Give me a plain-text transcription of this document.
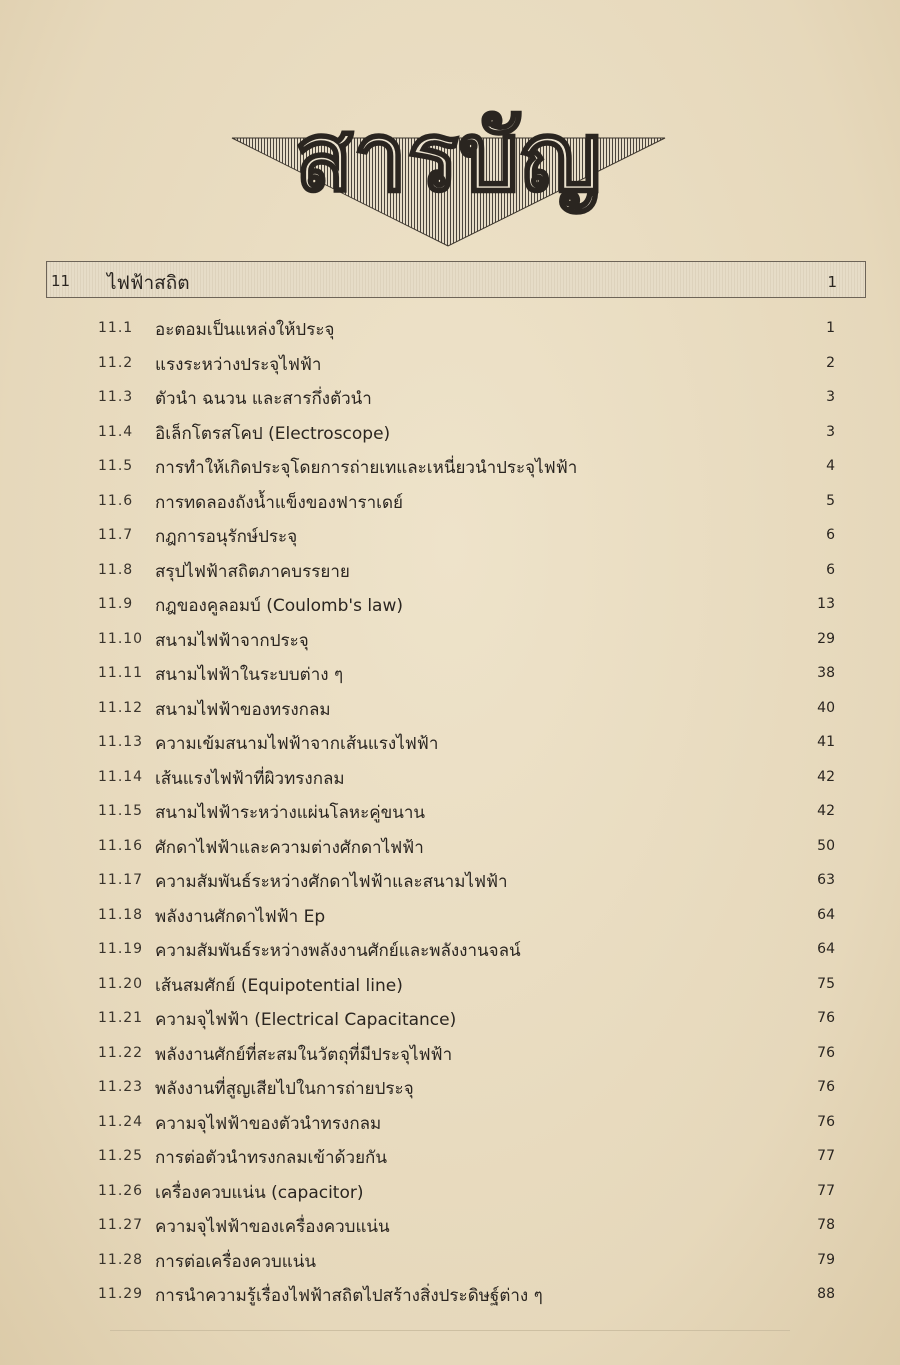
สารบัญ
11 ไฟฟ้าสถิต	1
11.1 อะตอมเป็นแหล่งให้ประจุ	1
11.2 แรงระหว่างประจุไฟฟ้า	2
11.3 ตัวนำ ฉนวน และสารกึ่งตัวนำ	3
11.4 อิเล็กโตรสโคป (Electroscope)	3
11.5 การทำให้เกิดประจุโดยการถ่ายเทและเหนี่ยวนำประจุไฟฟ้า	4
11.6 การทดลองถังน้ำแข็งของฟาราเดย์	5
11.7 กฎการอนุรักษ์ประจุ	6
11.8 สรุปไฟฟ้าสถิตภาคบรรยาย	6
11.9 กฎของคูลอมบ์ (Coulomb's law)	13
11.10 สนามไฟฟ้าจากประจุ	29
11.11 สนามไฟฟ้าในระบบต่าง ๆ	38
11.12 สนามไฟฟ้าของทรงกลม	40
11.13 ความเข้มสนามไฟฟ้าจากเส้นแรงไฟฟ้า	41
11.14 เส้นแรงไฟฟ้าที่ผิวทรงกลม	42
11.15 สนามไฟฟ้าระหว่างแผ่นโลหะคู่ขนาน	42
11.16 ศักดาไฟฟ้าและความต่างศักดาไฟฟ้า	50
11.17 ความสัมพันธ์ระหว่างศักดาไฟฟ้าและสนามไฟฟ้า	63
11.18 พลังงานศักดาไฟฟ้า Ep	64
11.19 ความสัมพันธ์ระหว่างพลังงานศักย์และพลังงานจลน์	64
11.20 เส้นสมศักย์ (Equipotential line)	75
11.21 ความจุไฟฟ้า (Electrical Capacitance)	76
11.22 พลังงานศักย์ที่สะสมในวัตถุที่มีประจุไฟฟ้า	76
11.23 พลังงานที่สูญเสียไปในการถ่ายประจุ	76
11.24 ความจุไฟฟ้าของตัวนำทรงกลม	76
11.25 การต่อตัวนำทรงกลมเข้าด้วยกัน	77
11.26 เครื่องควบแน่น (capacitor)	77
11.27 ความจุไฟฟ้าของเครื่องควบแน่น	78
11.28 การต่อเครื่องควบแน่น	79
11.29 การนำความรู้เรื่องไฟฟ้าสถิตไปสร้างสิ่งประดิษฐ์ต่าง ๆ	88
